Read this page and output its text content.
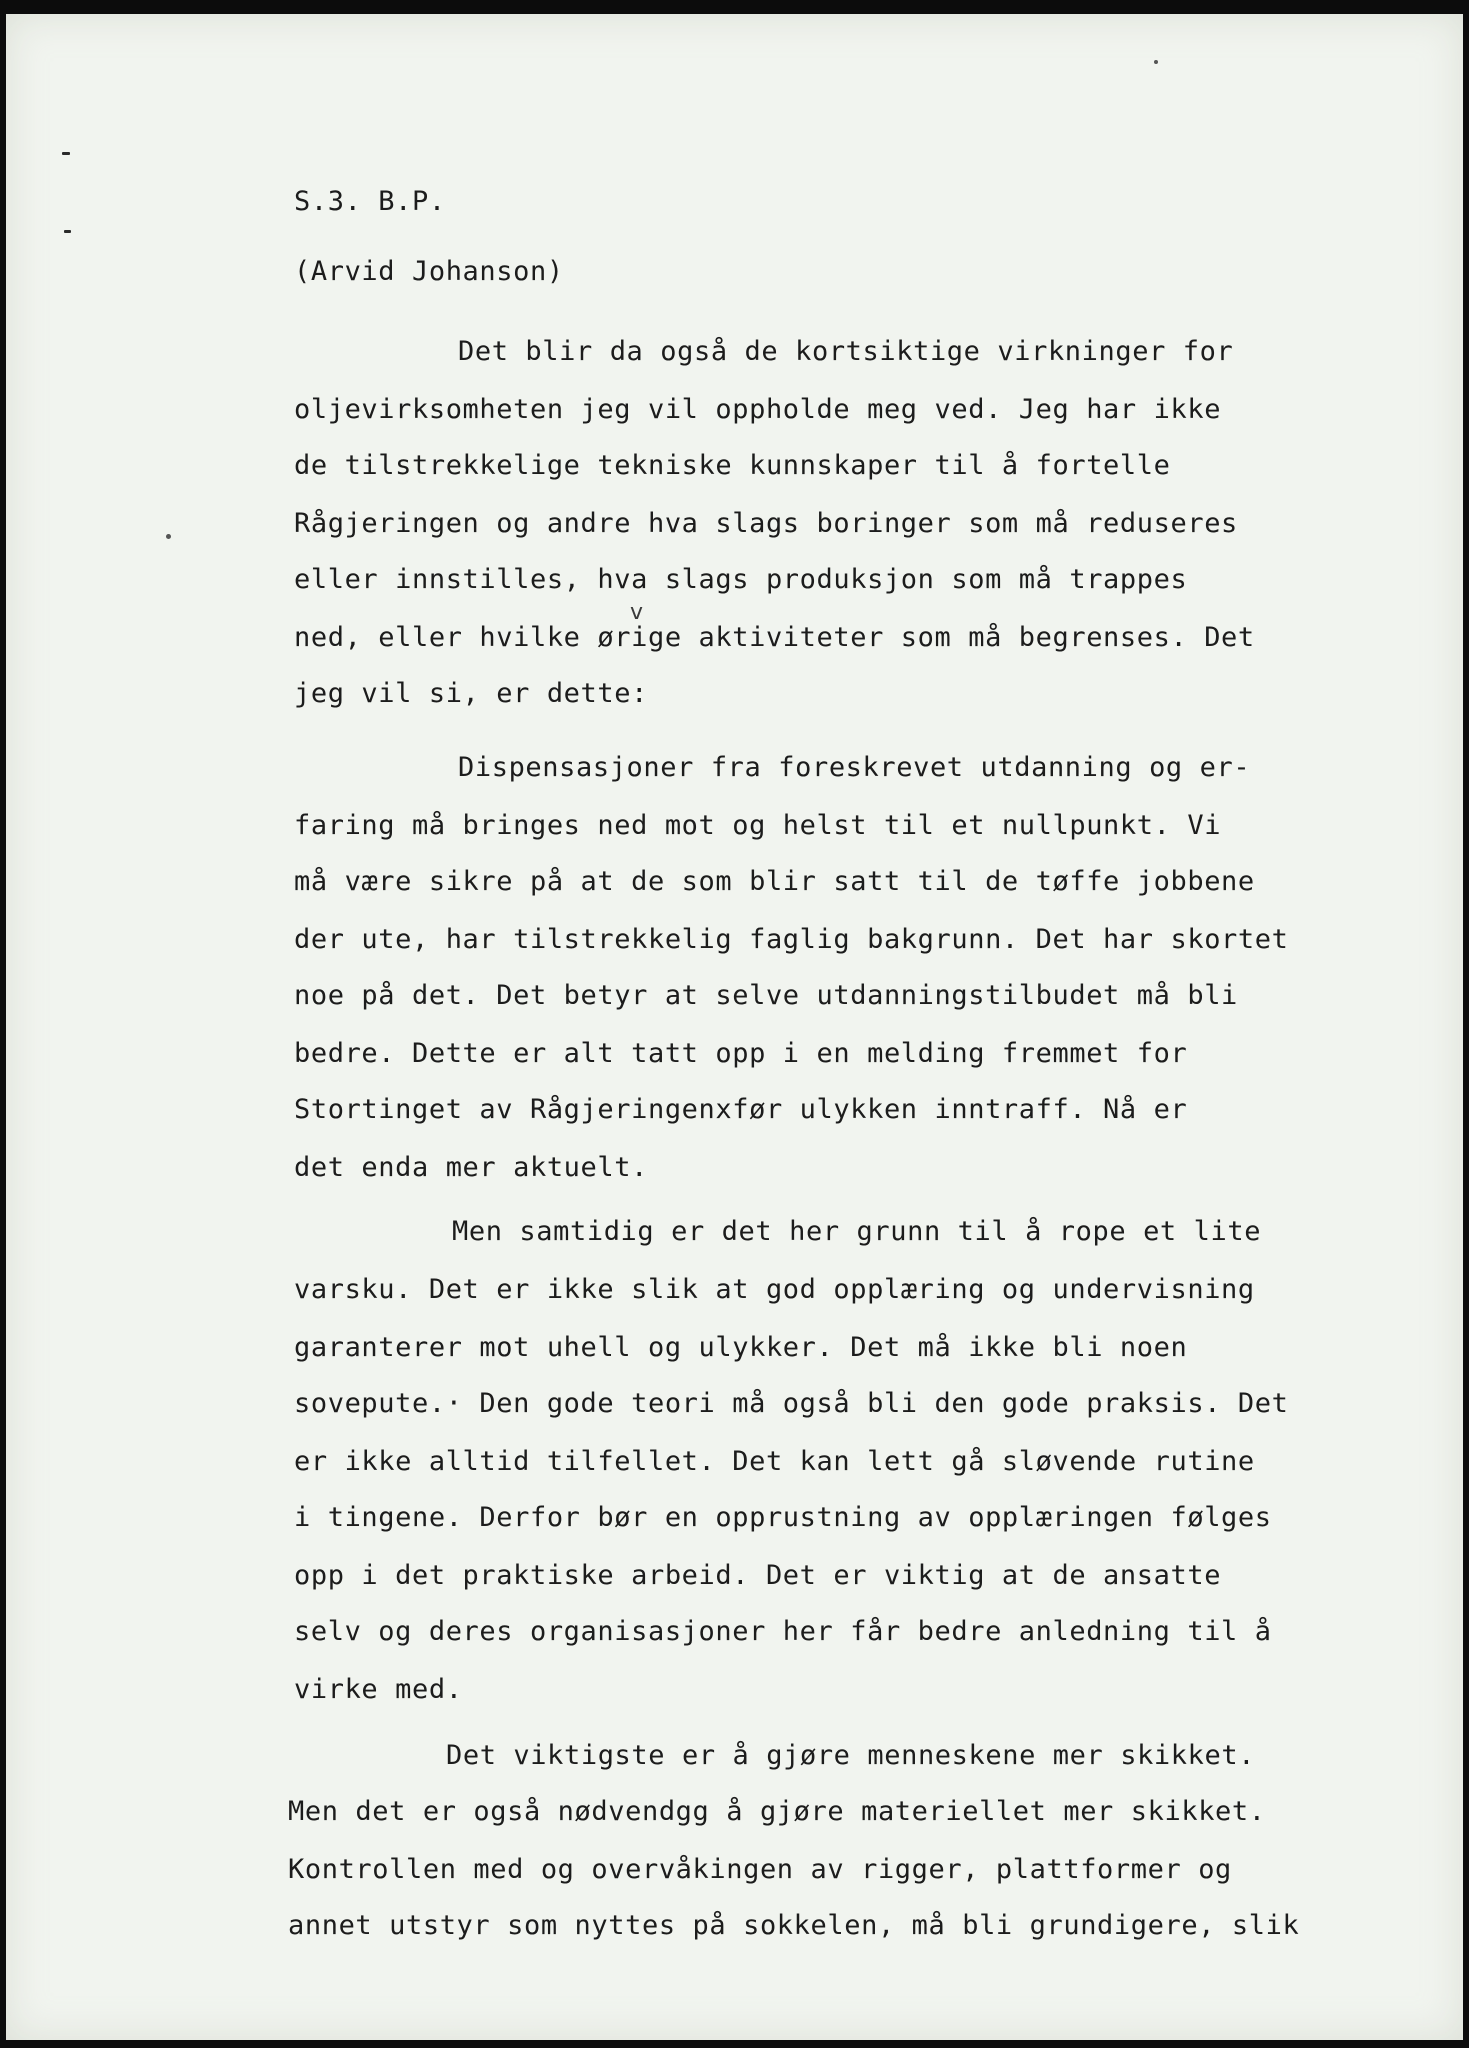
S.3. B.P.

(Arvid Johanson)

Det blir da også de kortsiktige virkninger for

oljevirksomheten jeg vil oppholde meg ved. Jeg har ikke

de tilstrekkelige tekniske kunnskaper til å fortelle

Rågjeringen og andre hva slags boringer som må reduseres

eller innstilles, hva slags produksjon som må trappes

v

ned, eller hvilke ørige aktiviteter som må begrenses. Det

jeg vil si, er dette:

Dispensasjoner fra foreskrevet utdanning og er-

faring må bringes ned mot og helst til et nullpunkt. Vi

må være sikre på at de som blir satt til de tøffe jobbene

der ute, har tilstrekkelig faglig bakgrunn. Det har skortet

noe på det. Det betyr at selve utdanningstilbudet må bli

bedre. Dette er alt tatt opp i en melding fremmet for

Stortinget av Rågjeringenxfør ulykken inntraff. Nå er

det enda mer aktuelt.

Men samtidig er det her grunn til å rope et lite

varsku. Det er ikke slik at god opplæring og undervisning

garanterer mot uhell og ulykker. Det må ikke bli noen

sovepute.· Den gode teori må også bli den gode praksis. Det

er ikke alltid tilfellet. Det kan lett gå sløvende rutine

i tingene. Derfor bør en opprustning av opplæringen følges

opp i det praktiske arbeid. Det er viktig at de ansatte

selv og deres organisasjoner her får bedre anledning til å

virke med.

Det viktigste er å gjøre menneskene mer skikket.

Men det er også nødvendgg å gjøre materiellet mer skikket.

Kontrollen med og overvåkingen av rigger, plattformer og

annet utstyr som nyttes på sokkelen, må bli grundigere, slik
